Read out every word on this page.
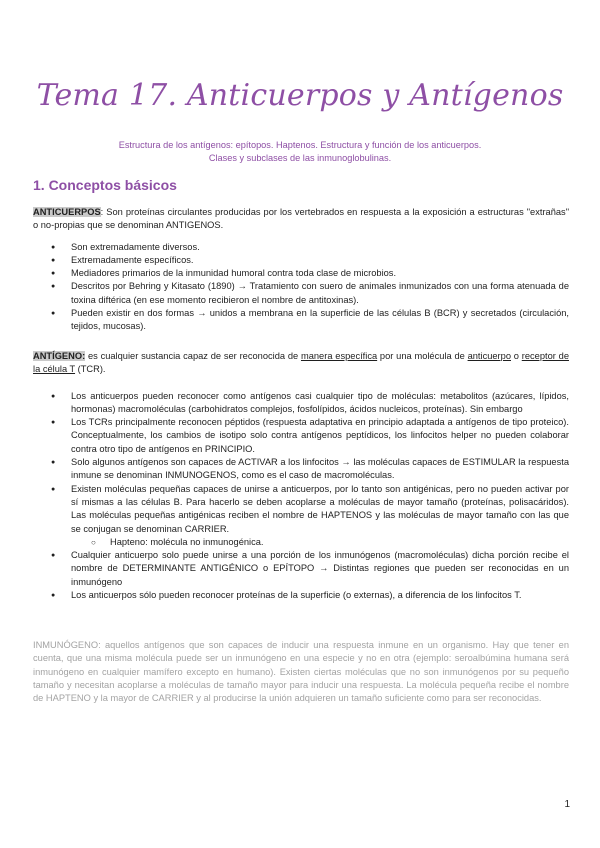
Tema 17. Anticuerpos y Antígenos
Estructura de los antígenos: epítopos. Haptenos. Estructura y función de los anticuerpos.
Clases y subclases de las inmunoglobulinas.
1. Conceptos básicos

ANTICUERPOS: Son proteínas circulantes producidas por los vertebrados en respuesta a la exposición a estructuras "extrañas" o no-propias que se denominan ANTIGENOS.

● Son extremadamente diversos.
● Extremadamente específicos.
● Mediadores primarios de la inmunidad humoral contra toda clase de microbios.
● Descritos por Behring y Kitasato (1890) → Tratamiento con suero de animales inmunizados con una forma atenuada de toxina diftérica (en ese momento recibieron el nombre de antitoxinas).
● Pueden existir en dos formas → unidos a membrana en la superficie de las células B (BCR) y secretados (circulación, tejidos, mucosas).

ANTÍGENO: es cualquier sustancia capaz de ser reconocida de manera específica por una molécula de anticuerpo o receptor de la célula T (TCR).

● Los anticuerpos pueden reconocer como antígenos casi cualquier tipo de moléculas: metabolitos (azúcares, lípidos, hormonas) macromoléculas (carbohidratos complejos, fosfolípidos, ácidos nucleicos, proteínas). Sin embargo
● Los TCRs principalmente reconocen péptidos (respuesta adaptativa en principio adaptada a antígenos de tipo proteico). Conceptualmente, los cambios de isotipo solo contra antígenos peptídicos, los linfocitos helper no pueden colaborar contra otro tipo de antígenos en PRINCIPIO.
● Solo algunos antígenos son capaces de ACTIVAR a los linfocitos → las moléculas capaces de ESTIMULAR la respuesta inmune se denominan INMUNOGENOS, como es el caso de macromoléculas.
● Existen moléculas pequeñas capaces de unirse a anticuerpos, por lo tanto son antigénicas, pero no pueden activar por sí mismas a las células B. Para hacerlo se deben acoplarse a moléculas de mayor tamaño (proteínas, polisacáridos). Las moléculas pequeñas antigénicas reciben el nombre de HAPTENOS y las moléculas de mayor tamaño con las que se conjugan se denominan CARRIER.
○ Hapteno: molécula no inmunogénica.
● Cualquier anticuerpo solo puede unirse a una porción de los inmunógenos (macromoléculas) dicha porción recibe el nombre de DETERMINANTE ANTIGÉNICO o EPÍTOPO → Distintas regiones que pueden ser reconocidas en un inmunógeno
● Los anticuerpos sólo pueden reconocer proteínas de la superficie (o externas), a diferencia de los linfocitos T.

INMUNÓGENO: aquellos antígenos que son capaces de inducir una respuesta inmune en un organismo. Hay que tener en cuenta, que una misma molécula puede ser un inmunógeno en una especie y no en otra (ejemplo: seroalbúmina humana será inmunógeno en cualquier mamífero excepto en humano). Existen ciertas moléculas que no son inmunógenos por su pequeño tamaño y necesitan acoplarse a moléculas de tamaño mayor para inducir una respuesta. La molécula pequeña recibe el nombre de HAPTENO y la mayor de CARRIER y al producirse la unión adquieren un tamaño suficiente como para ser reconocidas.

1
